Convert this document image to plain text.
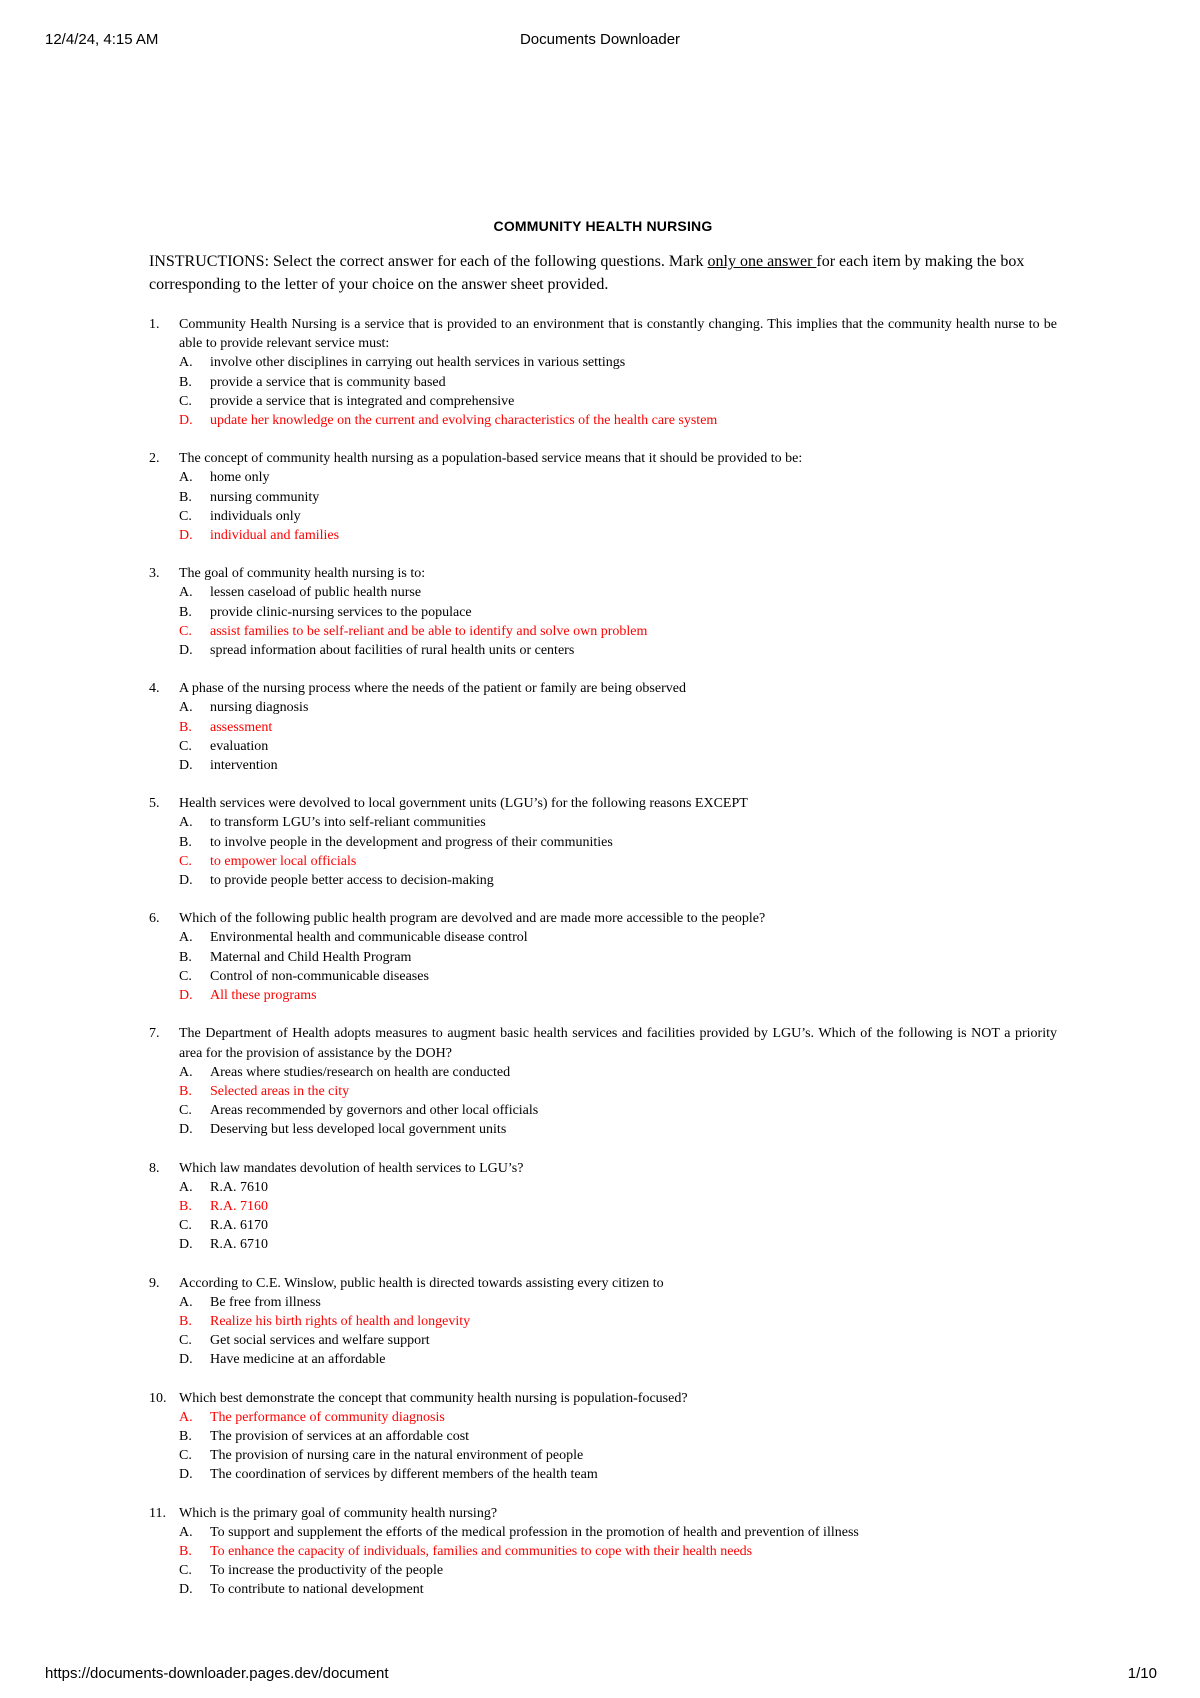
12/4/24, 4:15 AM	Documents Downloader
COMMUNITY HEALTH NURSING

INSTRUCTIONS: Select the correct answer for each of the following questions. Mark only one answer for each item by making the box corresponding to the letter of your choice on the answer sheet provided.

1.	Community Health Nursing is a service that is provided to an environment that is constantly changing. This implies that the community health nurse to be able to provide relevant service must:
A. involve other disciplines in carrying out health services in various settings
B. provide a service that is community based
C. provide a service that is integrated and comprehensive
D. update her knowledge on the current and evolving characteristics of the health care system
2.	The concept of community health nursing as a population-based service means that it should be provided to be:
A. home only
B. nursing community
C. individuals only
D. individual and families
3.	The goal of community health nursing is to:
A. lessen caseload of public health nurse
B. provide clinic-nursing services to the populace
C. assist families to be self-reliant and be able to identify and solve own problem
D. spread information about facilities of rural health units or centers
4.	A phase of the nursing process where the needs of the patient or family are being observed
A. nursing diagnosis
B. assessment
C. evaluation
D. intervention
5.	Health services were devolved to local government units (LGU’s) for the following reasons EXCEPT
A. to transform LGU’s into self-reliant communities
B. to involve people in the development and progress of their communities
C. to empower local officials
D. to provide people better access to decision-making
6.	Which of the following public health program are devolved and are made more accessible to the people?
A. Environmental health and communicable disease control
B. Maternal and Child Health Program
C. Control of non-communicable diseases
D. All these programs
7.	The Department of Health adopts measures to augment basic health services and facilities provided by LGU’s. Which of the following is NOT a priority area for the provision of assistance by the DOH?
A. Areas where studies/research on health are conducted
B. Selected areas in the city
C. Areas recommended by governors and other local officials
D. Deserving but less developed local government units
8.	Which law mandates devolution of health services to LGU’s?
A. R.A. 7610
B. R.A. 7160
C. R.A. 6170
D. R.A. 6710
9.	According to C.E. Winslow, public health is directed towards assisting every citizen to
A. Be free from illness
B. Realize his birth rights of health and longevity
C. Get social services and welfare support
D. Have medicine at an affordable
10. Which best demonstrate the concept that community health nursing is population-focused?
A. The performance of community diagnosis
B. The provision of services at an affordable cost
C. The provision of nursing care in the natural environment of people
D. The coordination of services by different members of the health team
11. Which is the primary goal of community health nursing?
A. To support and supplement the efforts of the medical profession in the promotion of health and prevention of illness
B. To enhance the capacity of individuals, families and communities to cope with their health needs
C. To increase the productivity of the people
D. To contribute to national development
https://documents-downloader.pages.dev/document	1/10
